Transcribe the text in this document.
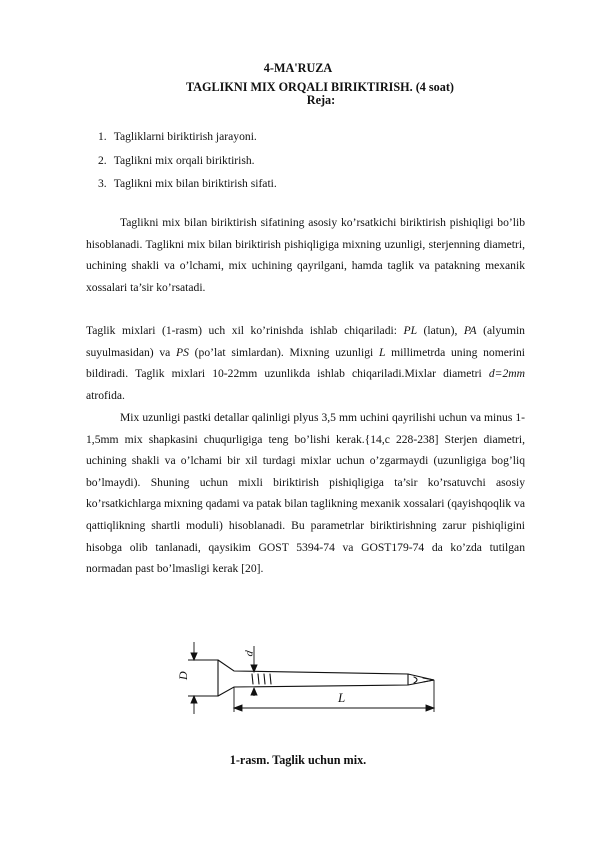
4-MA'RUZA
TAGLIKNI MIX ORQALI BIRIKTIRISH. (4 soat)
Reja:
1. Tagliklarni biriktirish jarayoni.
2. Taglikni mix orqali biriktirish.
3. Taglikni mix bilan biriktirish sifati.

Taglikni mix bilan biriktirish sifatining asosiy ko’rsatkichi biriktirish pishiqligi bo’lib hisoblanadi. Taglikni mix bilan biriktirish pishiqligiga mixning uzunligi, sterjenning diametri, uchining shakli va o’lchami, mix uchining qayrilgani, hamda taglik va patakning mexanik xossalari ta’sir ko’rsatadi.

Taglik mixlari (1-rasm) uch xil ko’rinishda ishlab chiqariladi: PL (latun), PA (alyumin suyulmasidan) va PS (po’lat simlardan). Mixning uzunligi L millimetrda uning nomerini bildiradi. Taglik mixlari 10-22mm uzunlikda ishlab chiqariladi.Mixlar diametri d=2mm atrofida.

Mix uzunligi pastki detallar qalinligi plyus 3,5 mm uchini qayrilishi uchun va minus 1-1,5mm mix shapkasini chuqurligiga teng bo’lishi kerak.{14,c 228-238] Sterjen diametri, uchining shakli va o’lchami bir xil turdagi mixlar uchun o’zgarmaydi (uzunligiga bog’liq bo’lmaydi). Shuning uchun mixli biriktirish pishiqligiga ta’sir ko’rsatuvchi asosiy ko’rsatkichlarga mixning qadami va patak bilan taglikning mexanik xossalari (qayishqoqlik va qattiqlikning shartli moduli) hisoblanadi. Bu parametrlar biriktirishning zarur pishiqligini hisobga olib tanlanadi, qaysikim GOST 5394-74 va GOST179-74 da ko’zda tutilgan normadan past bo’lmasligi kerak [20].

D
d
L
1-rasm. Taglik uchun mix.
